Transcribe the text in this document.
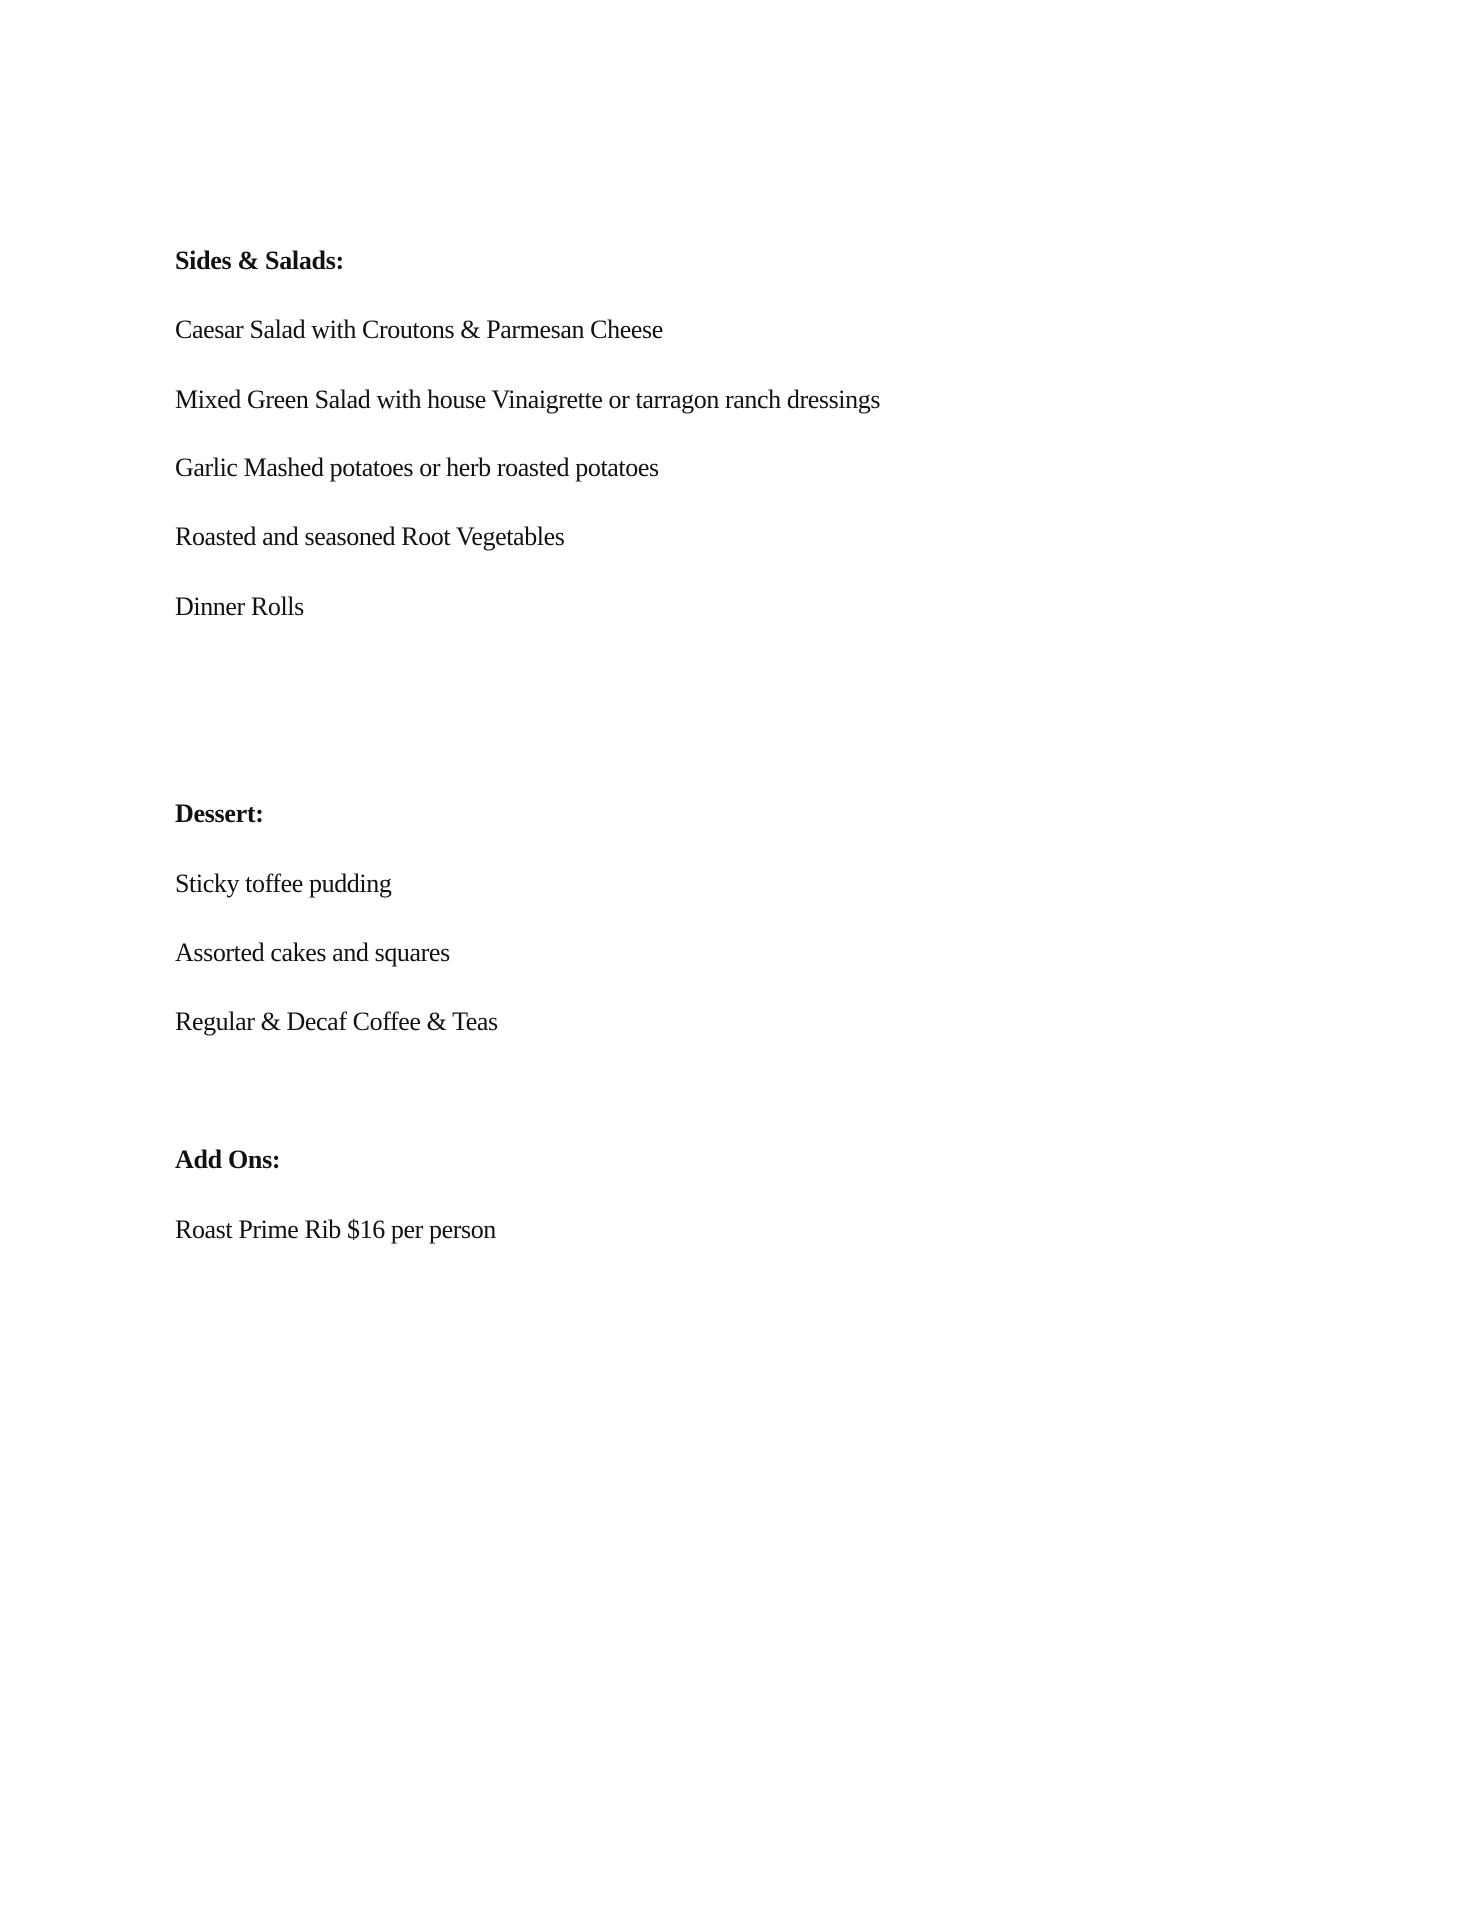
Sides & Salads:
Caesar Salad with Croutons & Parmesan Cheese
Mixed Green Salad with house Vinaigrette or tarragon ranch dressings
Garlic Mashed potatoes or herb roasted potatoes
Roasted and seasoned Root Vegetables
Dinner Rolls
Dessert:
Sticky toffee pudding
Assorted cakes and squares
Regular & Decaf Coffee & Teas
Add Ons:
Roast Prime Rib $16 per person
